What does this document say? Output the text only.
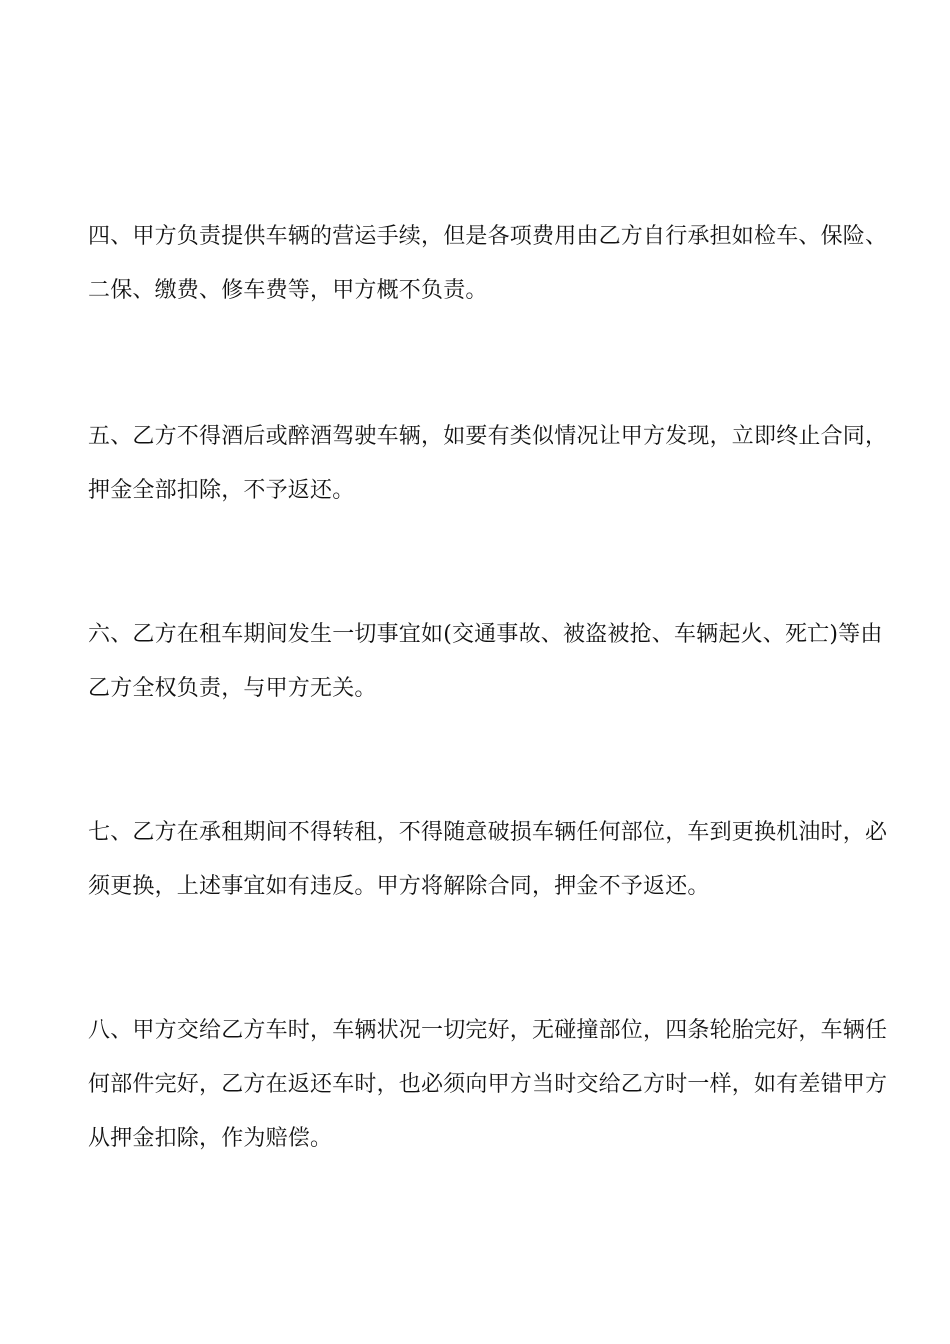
四、甲方负责提供车辆的营运手续，但是各项费用由乙方自行承担如检车、保险、二保、缴费、修车费等，甲方概不负责。

五、乙方不得酒后或醉酒驾驶车辆，如要有类似情况让甲方发现，立即终止合同，押金全部扣除，不予返还。

六、乙方在租车期间发生一切事宜如(交通事故、被盗被抢、车辆起火、死亡)等由乙方全权负责，与甲方无关。

七、乙方在承租期间不得转租，不得随意破损车辆任何部位，车到更换机油时，必须更换，上述事宜如有违反。甲方将解除合同，押金不予返还。

八、甲方交给乙方车时，车辆状况一切完好，无碰撞部位，四条轮胎完好，车辆任何部件完好，乙方在返还车时，也必须向甲方当时交给乙方时一样，如有差错甲方从押金扣除，作为赔偿。
